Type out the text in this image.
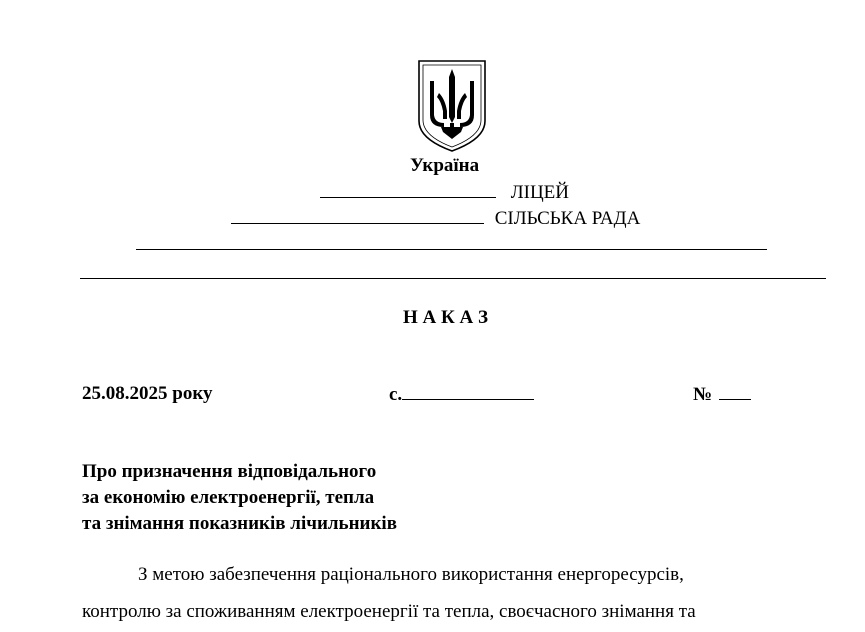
Україна
ЛІЦЕЙ
СІЛЬСЬКА РАДА
Н А К А З
25.08.2025 року	с.	№
Про призначення відповідального
за економію електроенергії, тепла
та знімання показників лічильників
З метою забезпечення раціонального використання енергоресурсів,
контролю за споживанням електроенергії та тепла, своєчасного знімання та
